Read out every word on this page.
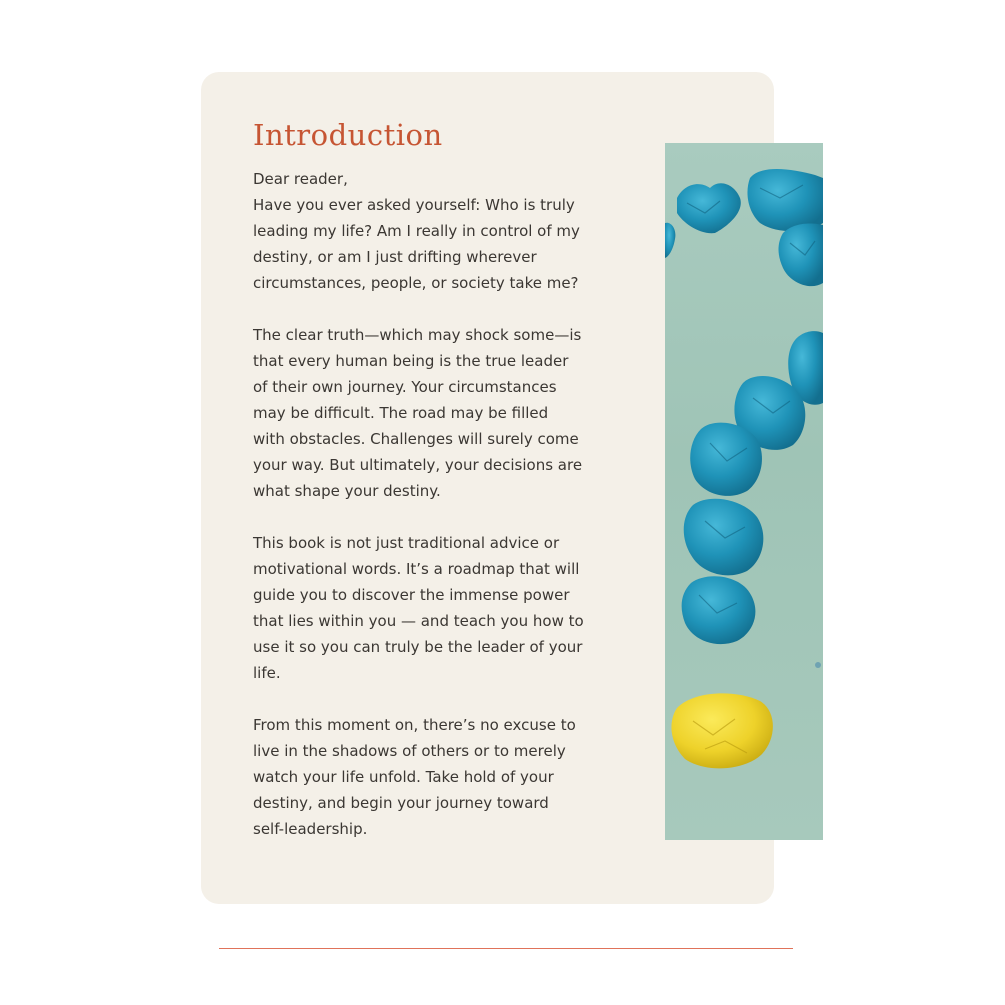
Introduction

Dear reader,
Have you ever asked yourself: Who is truly
leading my life? Am I really in control of my
destiny, or am I just drifting wherever
circumstances, people, or society take me?

The clear truth—which may shock some—is
that every human being is the true leader
of their own journey. Your circumstances
may be difficult. The road may be filled
with obstacles. Challenges will surely come
your way. But ultimately, your decisions are
what shape your destiny.

This book is not just traditional advice or
motivational words. It’s a roadmap that will
guide you to discover the immense power
that lies within you — and teach you how to
use it so you can truly be the leader of your
life.

From this moment on, there’s no excuse to
live in the shadows of others or to merely
watch your life unfold. Take hold of your
destiny, and begin your journey toward
self-leadership.
